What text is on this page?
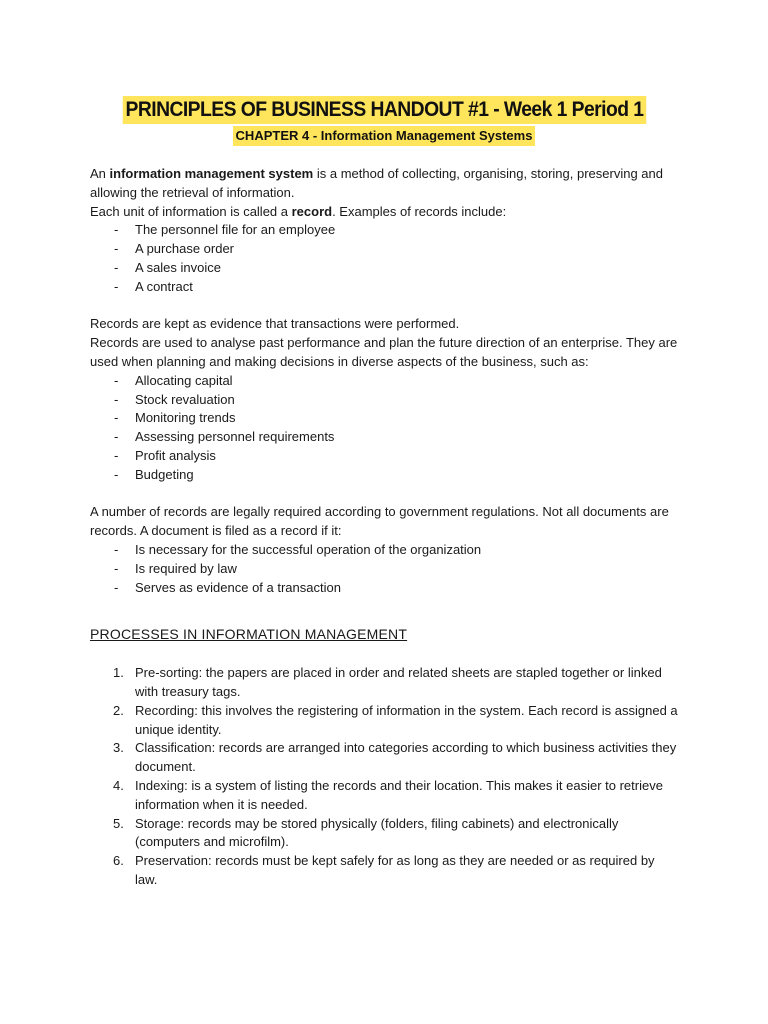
PRINCIPLES OF BUSINESS HANDOUT #1 - Week 1 Period 1
CHAPTER 4 - Information Management Systems

An information management system is a method of collecting, organising, storing, preserving and allowing the retrieval of information.

Each unit of information is called a record. Examples of records include:

- The personnel file for an employee
- A purchase order
- A sales invoice
- A contract

Records are kept as evidence that transactions were performed.

Records are used to analyse past performance and plan the future direction of an enterprise. They are used when planning and making decisions in diverse aspects of the business, such as:

- Allocating capital
- Stock revaluation
- Monitoring trends
- Assessing personnel requirements
- Profit analysis
- Budgeting

A number of records are legally required according to government regulations. Not all documents are records. A document is filed as a record if it:

- Is necessary for the successful operation of the organization
- Is required by law
- Serves as evidence of a transaction
PROCESSES IN INFORMATION MANAGEMENT
1. Pre-sorting: the papers are placed in order and related sheets are stapled together or linked with treasury tags.
2. Recording: this involves the registering of information in the system. Each record is assigned a unique identity.
3. Classification: records are arranged into categories according to which business activities they document.
4. Indexing: is a system of listing the records and their location. This makes it easier to retrieve information when it is needed.
5. Storage: records may be stored physically (folders, filing cabinets) and electronically (computers and microfilm).
6. Preservation: records must be kept safely for as long as they are needed or as required by law.
